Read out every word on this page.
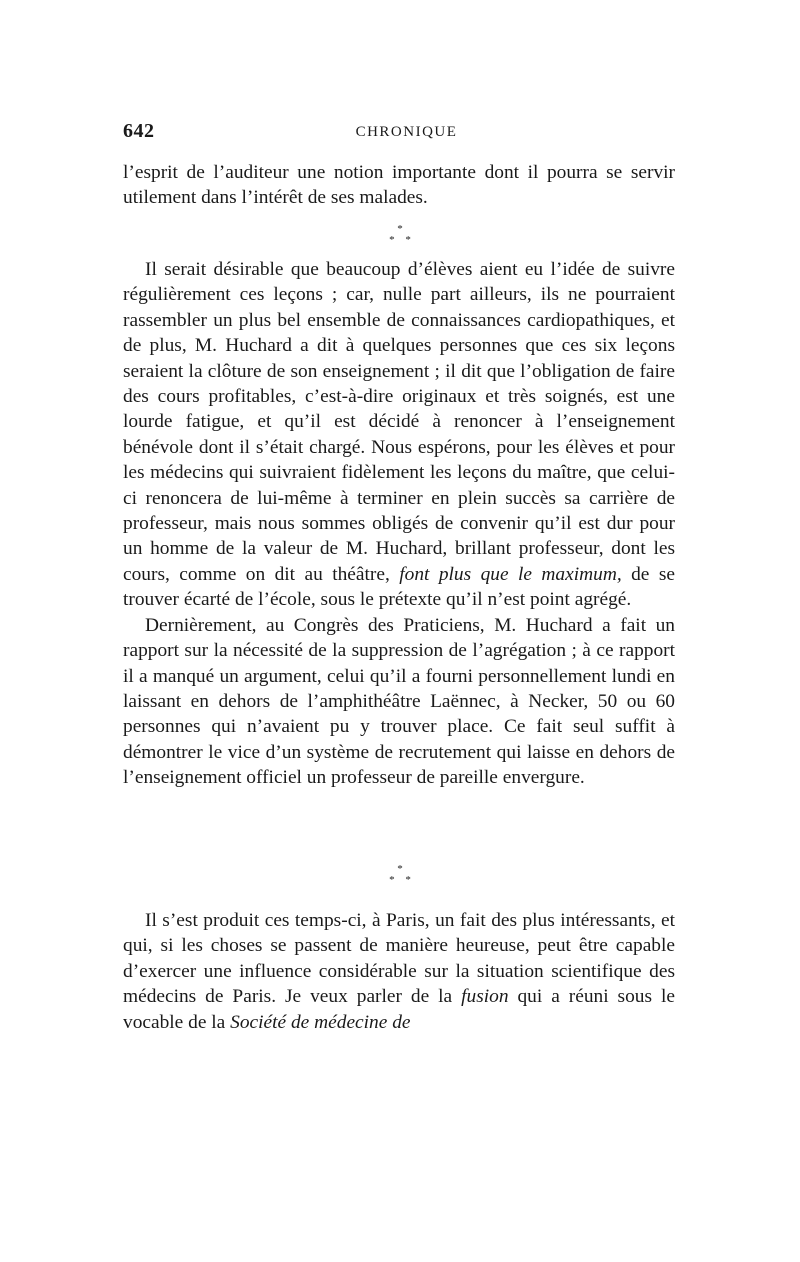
642	CHRONIQUE

l’esprit de l’auditeur une notion importante dont il pourra se servir utilement dans l’intérêt de ses malades.

*
* *

Il serait désirable que beaucoup d’élèves aient eu l’idée de suivre régulièrement ces leçons ; car, nulle part ailleurs, ils ne pourraient rassembler un plus bel ensemble de connaissances cardiopathiques, et de plus, M. Huchard a dit à quelques personnes que ces six leçons seraient la clôture de son enseignement ; il dit que l’obligation de faire des cours profitables, c’est-à-dire originaux et très soignés, est une lourde fatigue, et qu’il est décidé à renoncer à l’enseignement bénévole dont il s’était chargé. Nous espérons, pour les élèves et pour les médecins qui suivraient fidèlement les leçons du maître, que celui-ci renoncera de lui-même à terminer en plein succès sa carrière de professeur, mais nous sommes obligés de convenir qu’il est dur pour un homme de la valeur de M. Huchard, brillant professeur, dont les cours, comme on dit au théâtre, font plus que le maximum, de se trouver écarté de l’école, sous le prétexte qu’il n’est point agrégé.

Dernièrement, au Congrès des Praticiens, M. Huchard a fait un rapport sur la nécessité de la suppression de l’agrégation ; à ce rapport il a manqué un argument, celui qu’il a fourni personnellement lundi en laissant en dehors de l’amphithéâtre Laënnec, à Necker, 50 ou 60 personnes qui n’avaient pu y trouver place. Ce fait seul suffit à démontrer le vice d’un système de recrutement qui laisse en dehors de l’enseignement officiel un professeur de pareille envergure.

*
* *

Il s’est produit ces temps-ci, à Paris, un fait des plus intéressants, et qui, si les choses se passent de manière heureuse, peut être capable d’exercer une influence considérable sur la situation scientifique des médecins de Paris. Je veux parler de la fusion qui a réuni sous le vocable de la Société de médecine de
